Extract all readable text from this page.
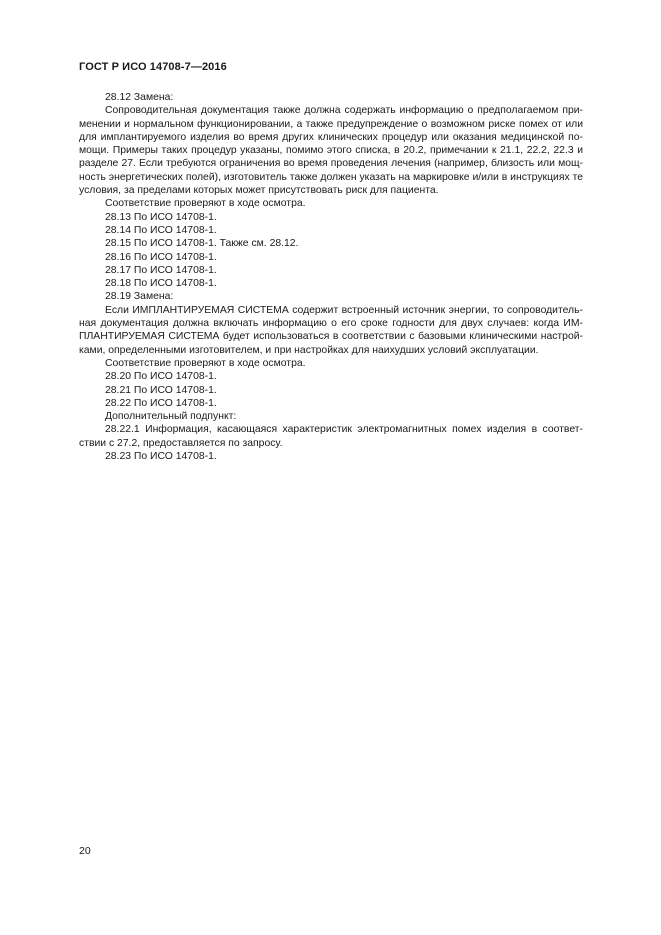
ГОСТ Р ИСО 14708-7—2016
28.12 Замена:
Сопроводительная документация также должна содержать информацию о предполагаемом при-
менении и нормальном функционировании, а также предупреждение о возможном риске помех от или
для имплантируемого изделия во время других клинических процедур или оказания медицинской по-
мощи. Примеры таких процедур указаны, помимо этого списка, в 20.2, примечании к 21.1, 22.2, 22.3 и
разделе 27. Если требуются ограничения во время проведения лечения (например, близость или мощ-
ность энергетических полей), изготовитель также должен указать на маркировке и/или в инструкциях те
условия, за пределами которых может присутствовать риск для пациента.
Соответствие проверяют в ходе осмотра.
28.13 По ИСО 14708-1.
28.14 По ИСО 14708-1.
28.15 По ИСО 14708-1. Также см. 28.12.
28.16 По ИСО 14708-1.
28.17 По ИСО 14708-1.
28.18 По ИСО 14708-1.
28.19 Замена:
Если ИМПЛАНТИРУЕМАЯ СИСТЕМА содержит встроенный источник энергии, то сопроводитель-
ная документация должна включать информацию о его сроке годности для двух случаев: когда ИМ-
ПЛАНТИРУЕМАЯ СИСТЕМА будет использоваться в соответствии с базовыми клиническими настрой-
ками, определенными изготовителем, и при настройках для наихудших условий эксплуатации.
Соответствие проверяют в ходе осмотра.
28.20 По ИСО 14708-1.
28.21 По ИСО 14708-1.
28.22 По ИСО 14708-1.
Дополнительный подпункт:
28.22.1 Информация, касающаяся характеристик электромагнитных помех изделия в соответ-
ствии с 27.2, предоставляется по запросу.
28.23 По ИСО 14708-1.
20
